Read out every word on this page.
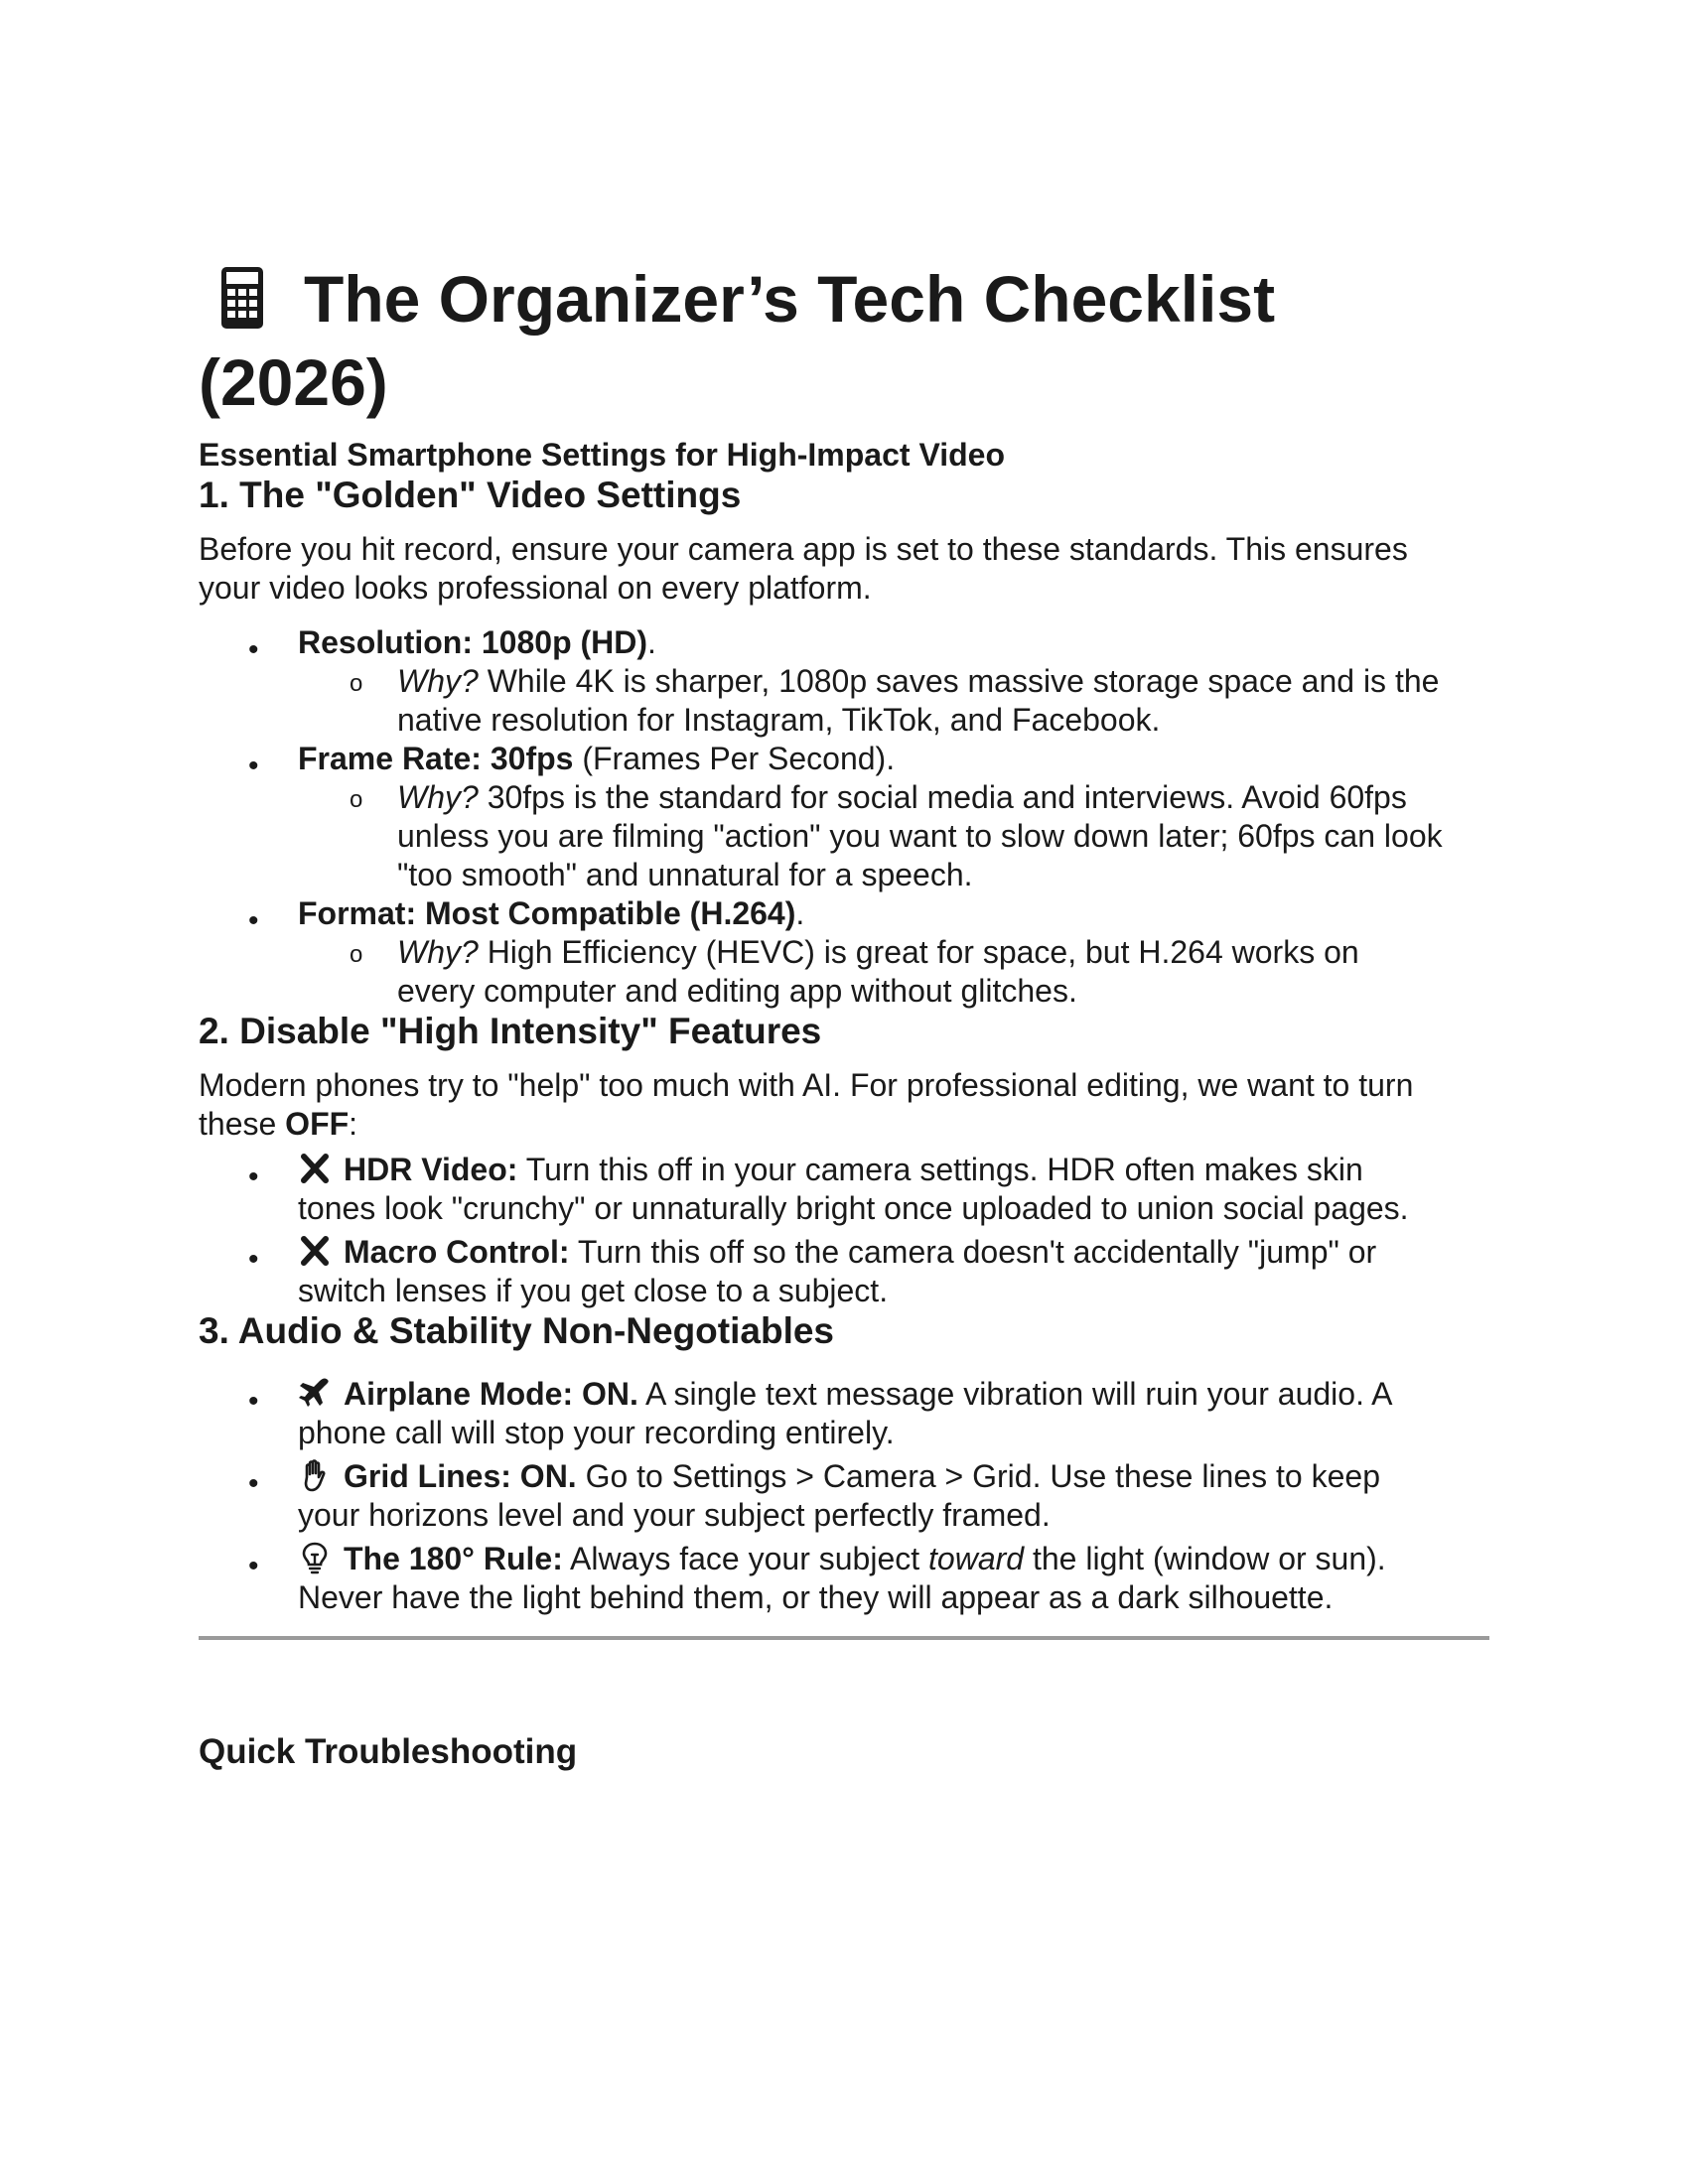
The Organizer’s Tech Checklist
(2026)
Essential Smartphone Settings for High-Impact Video
1. The "Golden" Video Settings
Before you hit record, ensure your camera app is set to these standards. This ensures
your video looks professional on every platform.
• Resolution: 1080p (HD).
o Why? While 4K is sharper, 1080p saves massive storage space and is the
native resolution for Instagram, TikTok, and Facebook.
• Frame Rate: 30fps (Frames Per Second).
o Why? 30fps is the standard for social media and interviews. Avoid 60fps
unless you are filming "action" you want to slow down later; 60fps can look
"too smooth" and unnatural for a speech.
• Format: Most Compatible (H.264).
o Why? High Efficiency (HEVC) is great for space, but H.264 works on
every computer and editing app without glitches.
2. Disable "High Intensity" Features
Modern phones try to "help" too much with AI. For professional editing, we want to turn
these OFF:
•	HDR Video: Turn this off in your camera settings. HDR often makes skin
tones look "crunchy" or unnaturally bright once uploaded to union social pages.
•	Macro Control: Turn this off so the camera doesn't accidentally "jump" or
switch lenses if you get close to a subject.
3. Audio & Stability Non-Negotiables
•	Airplane Mode: ON. A single text message vibration will ruin your audio. A
phone call will stop your recording entirely.
•	Grid Lines: ON. Go to Settings > Camera > Grid. Use these lines to keep
your horizons level and your subject perfectly framed.
•	The 180° Rule: Always face your subject toward the light (window or sun).
Never have the light behind them, or they will appear as a dark silhouette.
Quick Troubleshooting
